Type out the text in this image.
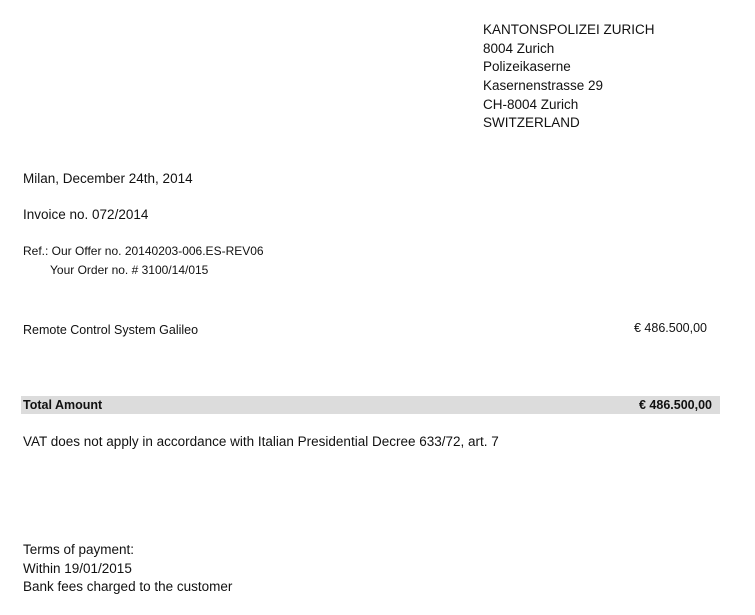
KANTONSPOLIZEI ZURICH
8004 Zurich
Polizeikaserne
Kasernenstrasse 29
CH-8004 Zurich
SWITZERLAND
Milan, December 24th, 2014
Invoice no. 072/2014
Ref.: Our Offer no. 20140203-006.ES-REV06
Your Order no. # 3100/14/015
Remote Control System Galileo	€ 486.500,00
Total Amount	€ 486.500,00
VAT does not apply in accordance with Italian Presidential Decree 633/72, art. 7
Terms of payment:
Within 19/01/2015
Bank fees charged to the customer
